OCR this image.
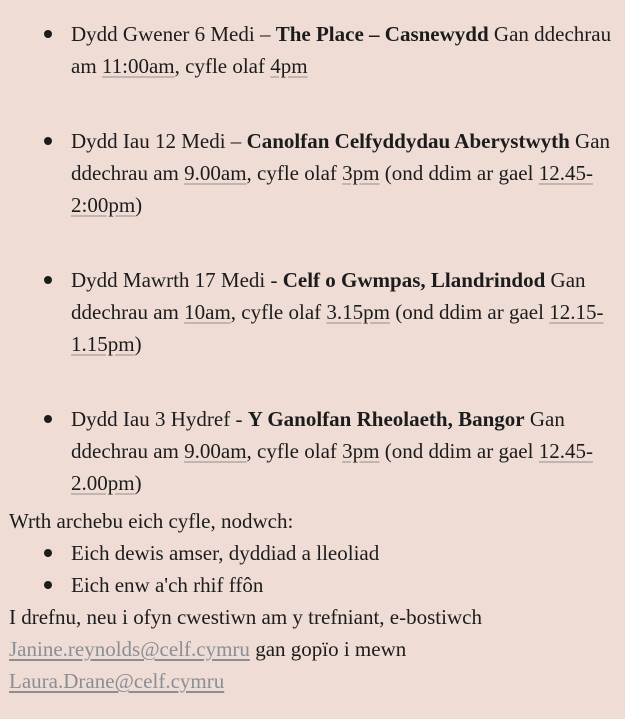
Dydd Gwener 6 Medi – The Place – Casnewydd Gan ddechrau am 11:00am, cyfle olaf 4pm
Dydd Iau 12 Medi – Canolfan Celfyddydau Aberystwyth Gan ddechrau am 9.00am, cyfle olaf 3pm (ond ddim ar gael 12.45-2:00pm)
Dydd Mawrth 17 Medi - Celf o Gwmpas, Llandrindod Gan ddechrau am 10am, cyfle olaf 3.15pm (ond ddim ar gael 12.15-1.15pm)
Dydd Iau 3 Hydref - Y Ganolfan Rheolaeth, Bangor Gan ddechrau am 9.00am, cyfle olaf 3pm (ond ddim ar gael 12.45-2.00pm)
Wrth archebu eich cyfle, nodwch:
Eich dewis amser, dyddiad a lleoliad
Eich enw a'ch rhif ffôn
I drefnu, neu i ofyn cwestiwn am y trefniant, e-bostiwch Janine.reynolds@celf.cymru gan gopïo i mewn Laura.Drane@celf.cymru
